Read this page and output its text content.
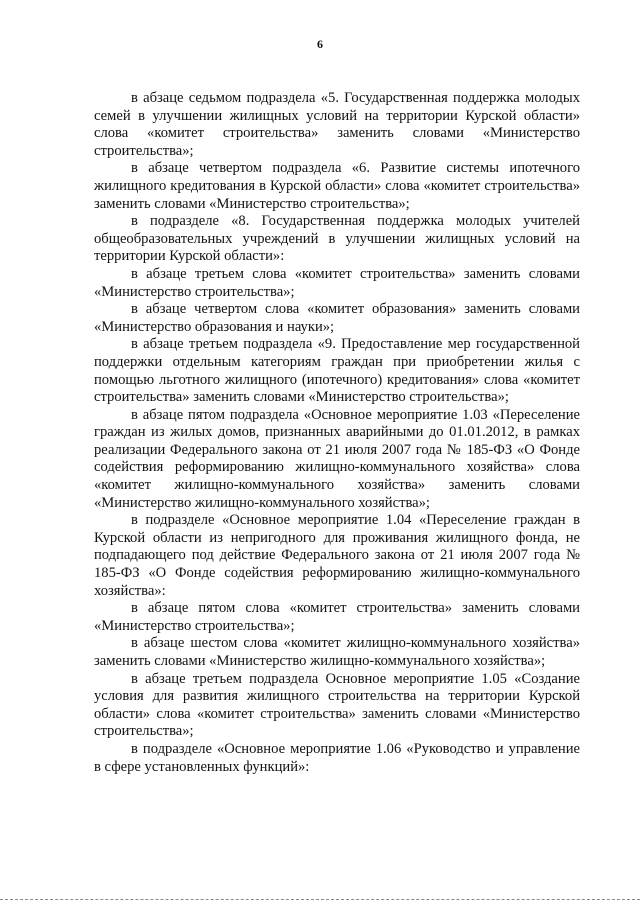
6

в абзаце седьмом подраздела «5. Государственная поддержка молодых семей в улучшении жилищных условий на территории Курской области» слова «комитет строительства» заменить словами «Министерство строительства»;

в абзаце четвертом подраздела «6. Развитие системы ипотечного жилищного кредитования в Курской области» слова «комитет строительства» заменить словами «Министерство строительства»;

в подразделе «8. Государственная поддержка молодых учителей общеобразовательных учреждений в улучшении жилищных условий на территории Курской области»:

в абзаце третьем слова «комитет строительства» заменить словами «Министерство строительства»;

в абзаце четвертом слова «комитет образования» заменить словами «Министерство образования и науки»;

в абзаце третьем подраздела «9. Предоставление мер государственной поддержки отдельным категориям граждан при приобретении жилья с помощью льготного жилищного (ипотечного) кредитования» слова «комитет строительства» заменить словами «Министерство строительства»;

в абзаце пятом подраздела «Основное мероприятие 1.03 «Переселение граждан из жилых домов, признанных аварийными до 01.01.2012, в рамках реализации Федерального закона от 21 июля 2007 года № 185-ФЗ «О Фонде содействия реформированию жилищно-коммунального хозяйства» слова «комитет жилищно-коммунального хозяйства» заменить словами «Министерство жилищно-коммунального хозяйства»;

в подразделе «Основное мероприятие 1.04 «Переселение граждан в Курской области из непригодного для проживания жилищного фонда, не подпадающего под действие Федерального закона от 21 июля 2007 года № 185-ФЗ «О Фонде содействия реформированию жилищно-коммунального хозяйства»:

в абзаце пятом слова «комитет строительства» заменить словами «Министерство строительства»;

в абзаце шестом слова «комитет жилищно-коммунального хозяйства» заменить словами «Министерство жилищно-коммунального хозяйства»;

в абзаце третьем подраздела Основное мероприятие 1.05 «Создание условия для развития жилищного строительства на территории Курской области» слова «комитет строительства» заменить словами «Министерство строительства»;

в подразделе «Основное мероприятие 1.06 «Руководство и управление в сфере установленных функций»:
